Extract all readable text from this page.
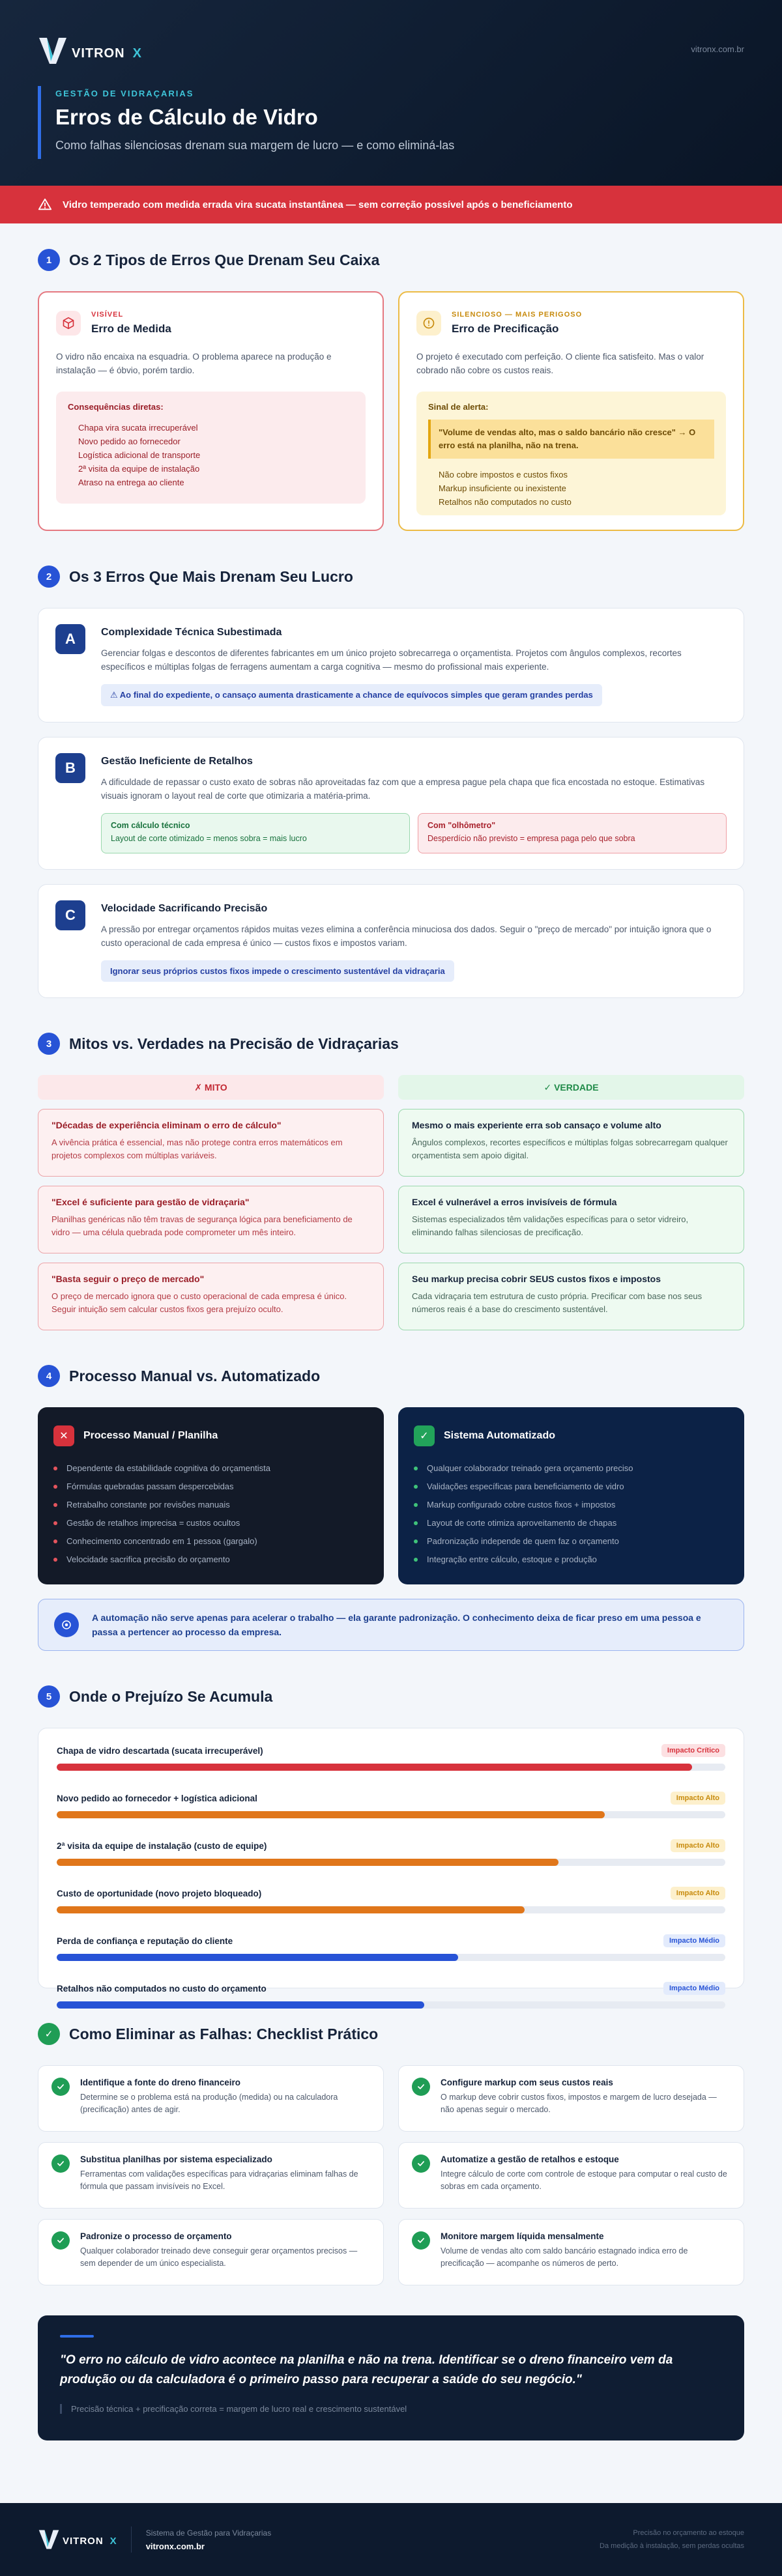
VITRON X	vitronx.com.br
GESTÃO DE VIDRAÇARIAS
Erros de Cálculo de Vidro
Como falhas silenciosas drenam sua margem de lucro — e como eliminá-las
Vidro temperado com medida errada vira sucata instantânea — sem correção possível após o beneficiamento
1	Os 2 Tipos de Erros Que Drenam Seu Caixa
VISÍVEL
Erro de Medida

O vidro não encaixa na esquadria. O problema aparece na produção e instalação — é óbvio, porém tardio.

Consequências diretas:
Chapa vira sucata irrecuperável
Novo pedido ao fornecedor
Logística adicional de transporte
2ª visita da equipe de instalação
Atraso na entrega ao cliente
SILENCIOSO — MAIS PERIGOSO
Erro de Precificação

O projeto é executado com perfeição. O cliente fica satisfeito. Mas o valor cobrado não cobre os custos reais.

Sinal de alerta:
"Volume de vendas alto, mas o saldo bancário não cresce" → O erro está na planilha, não na trena.
Não cobre impostos e custos fixos
Markup insuficiente ou inexistente
Retalhos não computados no custo
2	Os 3 Erros Que Mais Drenam Seu Lucro
A	Complexidade Técnica Subestimada

Gerenciar folgas e descontos de diferentes fabricantes em um único projeto sobrecarrega o orçamentista. Projetos com ângulos complexos, recortes específicos e múltiplas folgas de ferragens aumentam a carga cognitiva — mesmo do profissional mais experiente.

⚠ Ao final do expediente, o cansaço aumenta drasticamente a chance de equívocos simples que geram grandes perdas
B	Gestão Ineficiente de Retalhos

A dificuldade de repassar o custo exato de sobras não aproveitadas faz com que a empresa pague pela chapa que fica encostada no estoque. Estimativas visuais ignoram o layout real de corte que otimizaria a matéria-prima.

Com cálculo técnico
Layout de corte otimizado = menos sobra = mais lucro
Com "olhômetro"
Desperdício não previsto = empresa paga pelo que sobra
C	Velocidade Sacrificando Precisão

A pressão por entregar orçamentos rápidos muitas vezes elimina a conferência minuciosa dos dados. Seguir o "preço de mercado" por intuição ignora que o custo operacional de cada empresa é único — custos fixos e impostos variam.

Ignorar seus próprios custos fixos impede o crescimento sustentável da vidraçaria
3	Mitos vs. Verdades na Precisão de Vidraçarias
✗ MITO	✓ VERDADE
"Décadas de experiência eliminam o erro de cálculo"
A vivência prática é essencial, mas não protege contra erros matemáticos em projetos complexos com múltiplas variáveis.
Mesmo o mais experiente erra sob cansaço e volume alto
Ângulos complexos, recortes específicos e múltiplas folgas sobrecarregam qualquer orçamentista sem apoio digital.
"Excel é suficiente para gestão de vidraçaria"
Planilhas genéricas não têm travas de segurança lógica para beneficiamento de vidro — uma célula quebrada pode comprometer um mês inteiro.
Excel é vulnerável a erros invisíveis de fórmula
Sistemas especializados têm validações específicas para o setor vidreiro, eliminando falhas silenciosas de precificação.
"Basta seguir o preço de mercado"
O preço de mercado ignora que o custo operacional de cada empresa é único. Seguir intuição sem calcular custos fixos gera prejuízo oculto.
Seu markup precisa cobrir SEUS custos fixos e impostos
Cada vidraçaria tem estrutura de custo própria. Precificar com base nos seus números reais é a base do crescimento sustentável.
4	Processo Manual vs. Automatizado
✕	Processo Manual / Planilha
Dependente da estabilidade cognitiva do orçamentista
Fórmulas quebradas passam despercebidas
Retrabalho constante por revisões manuais
Gestão de retalhos imprecisa = custos ocultos
Conhecimento concentrado em 1 pessoa (gargalo)
Velocidade sacrifica precisão do orçamento
✓	Sistema Automatizado
Qualquer colaborador treinado gera orçamento preciso
Validações específicas para beneficiamento de vidro
Markup configurado cobre custos fixos + impostos
Layout de corte otimiza aproveitamento de chapas
Padronização independe de quem faz o orçamento
Integração entre cálculo, estoque e produção

A automação não serve apenas para acelerar o trabalho — ela garante padronização. O conhecimento deixa de ficar preso em uma pessoa e passa a pertencer ao processo da empresa.

5	Onde o Prejuízo Se Acumula
Chapa de vidro descartada (sucata irrecuperável)	Impacto Crítico
Novo pedido ao fornecedor + logística adicional	Impacto Alto
2ª visita da equipe de instalação (custo de equipe)	Impacto Alto
Custo de oportunidade (novo projeto bloqueado)	Impacto Alto
Perda de confiança e reputação do cliente	Impacto Médio
Retalhos não computados no custo do orçamento	Impacto Médio
✓	Como Eliminar as Falhas: Checklist Prático
Identifique a fonte do dreno financeiro
Determine se o problema está na produção (medida) ou na calculadora (precificação) antes de agir.
Configure markup com seus custos reais
O markup deve cobrir custos fixos, impostos e margem de lucro desejada — não apenas seguir o mercado.
Substitua planilhas por sistema especializado
Ferramentas com validações específicas para vidraçarias eliminam falhas de fórmula que passam invisíveis no Excel.
Automatize a gestão de retalhos e estoque
Integre cálculo de corte com controle de estoque para computar o real custo de sobras em cada orçamento.
Padronize o processo de orçamento
Qualquer colaborador treinado deve conseguir gerar orçamentos precisos — sem depender de um único especialista.
Monitore margem líquida mensalmente
Volume de vendas alto com saldo bancário estagnado indica erro de precificação — acompanhe os números de perto.

"O erro no cálculo de vidro acontece na planilha e não na trena. Identificar se o dreno financeiro vem da produção ou da calculadora é o primeiro passo para recuperar a saúde do seu negócio."

Precisão técnica + precificação correta = margem de lucro real e crescimento sustentável
VITRON X
Sistema de Gestão para Vidraçarias
vitronx.com.br
Precisão no orçamento ao estoque
Da medição à instalação, sem perdas ocultas
